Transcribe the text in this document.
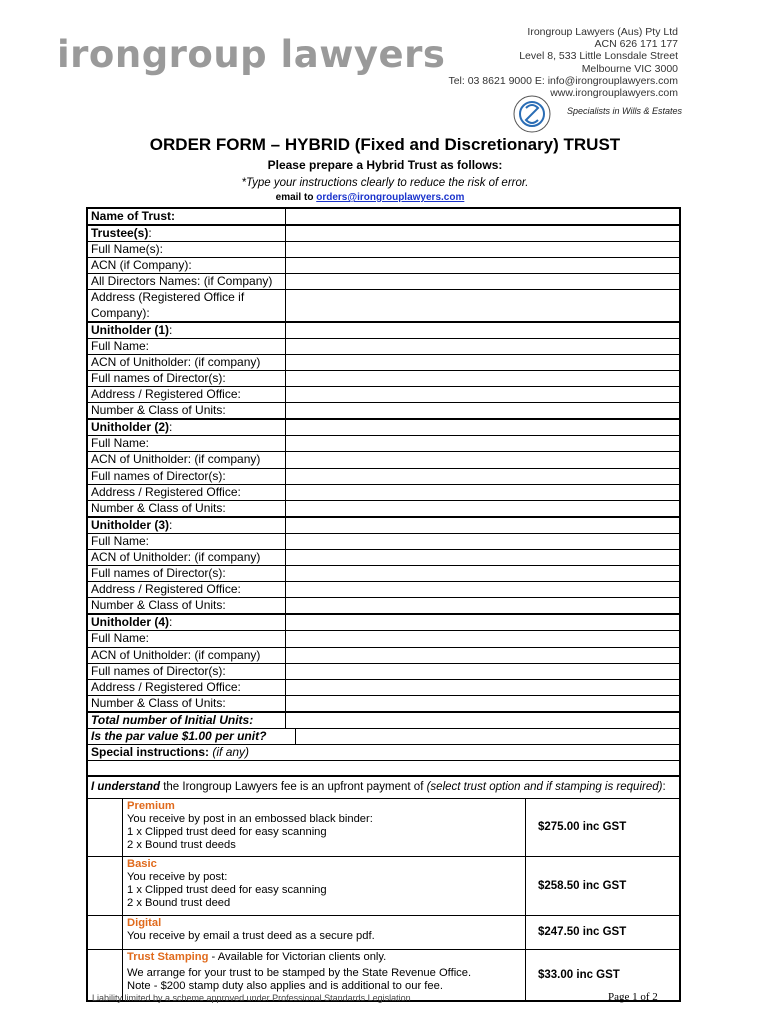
irongroup lawyers
Irongroup Lawyers (Aus) Pty Ltd
ACN 626 171 177
Level 8, 533 Little Lonsdale Street
Melbourne VIC 3000
Tel: 03 8621 9000 E: info@irongrouplawyers.com
www.irongrouplawyers.com
Specialists in Wills & Estates
ORDER FORM – HYBRID (Fixed and Discretionary) TRUST
Please prepare a Hybrid Trust as follows:
*Type your instructions clearly to reduce the risk of error.
email to orders@irongrouplawyers.com
Name of Trust:
Trustee(s):
Full Name(s):
ACN (if Company):
All Directors Names: (if Company)
Address (Registered Office if Company):
Unitholder (1):
Full Name:
ACN of Unitholder: (if company)
Full names of Director(s):
Address / Registered Office:
Number & Class of Units:
Unitholder (2):
Full Name:
ACN of Unitholder: (if company)
Full names of Director(s):
Address / Registered Office:
Number & Class of Units:
Unitholder (3):
Full Name:
ACN of Unitholder: (if company)
Full names of Director(s):
Address / Registered Office:
Number & Class of Units:
Unitholder (4):
Full Name:
ACN of Unitholder: (if company)
Full names of Director(s):
Address / Registered Office:
Number & Class of Units:
Total number of Initial Units:
Is the par value $1.00 per unit?
Special instructions: (if any)
I understand the Irongroup Lawyers fee is an upfront payment of (select trust option and if stamping is required):
Premium
You receive by post in an embossed black binder:
1 x Clipped trust deed for easy scanning
2 x Bound trust deeds
$275.00 inc GST
Basic
You receive by post:
1 x Clipped trust deed for easy scanning
2 x Bound trust deed
$258.50 inc GST
Digital
You receive by email a trust deed as a secure pdf.	$247.50 inc GST
Trust Stamping - Available for Victorian clients only.
We arrange for your trust to be stamped by the State Revenue Office.
Note - $200 stamp duty also applies and is additional to our fee.
$33.00 inc GST
Liability limited by a scheme approved under Professional Standards Legislation	Page 1 of 2
